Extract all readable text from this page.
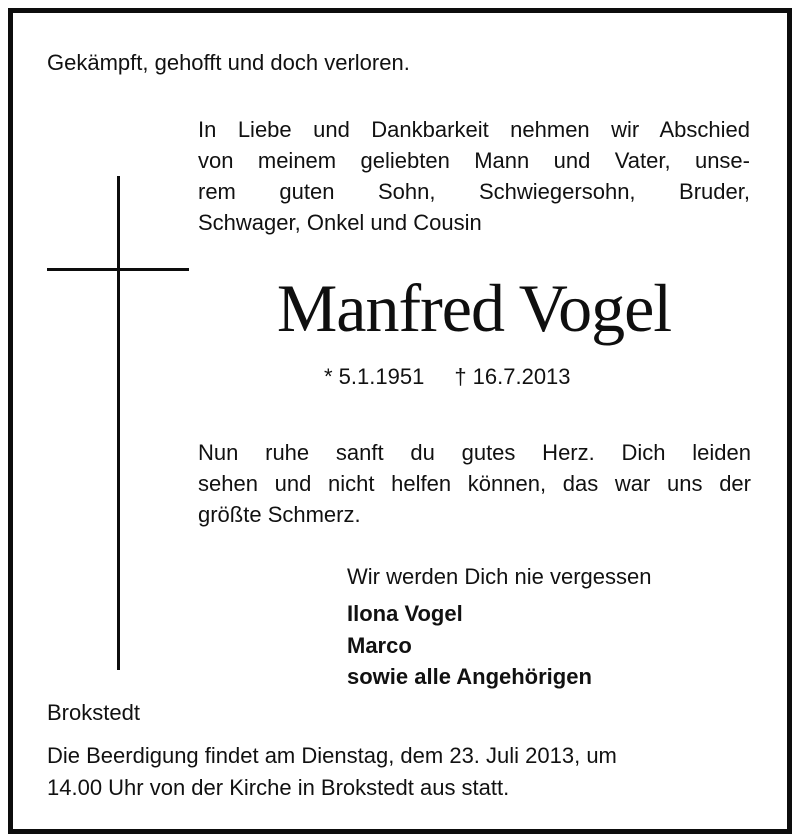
Gekämpft, gehofft und doch verloren.

In Liebe und Dankbarkeit nehmen wir Abschied
von meinem geliebten Mann und Vater, unse-
rem guten Sohn, Schwiegersohn, Bruder,
Schwager, Onkel und Cousin
Manfred Vogel
* 5.1.1951 † 16.7.2013
Nun ruhe sanft du gutes Herz. Dich leiden
sehen und nicht helfen können, das war uns der
größte Schmerz.

Wir werden Dich nie vergessen

Ilona Vogel

Marco

sowie alle Angehörigen

Brokstedt

Die Beerdigung findet am Dienstag, dem 23. Juli 2013, um

14.00 Uhr von der Kirche in Brokstedt aus statt.
